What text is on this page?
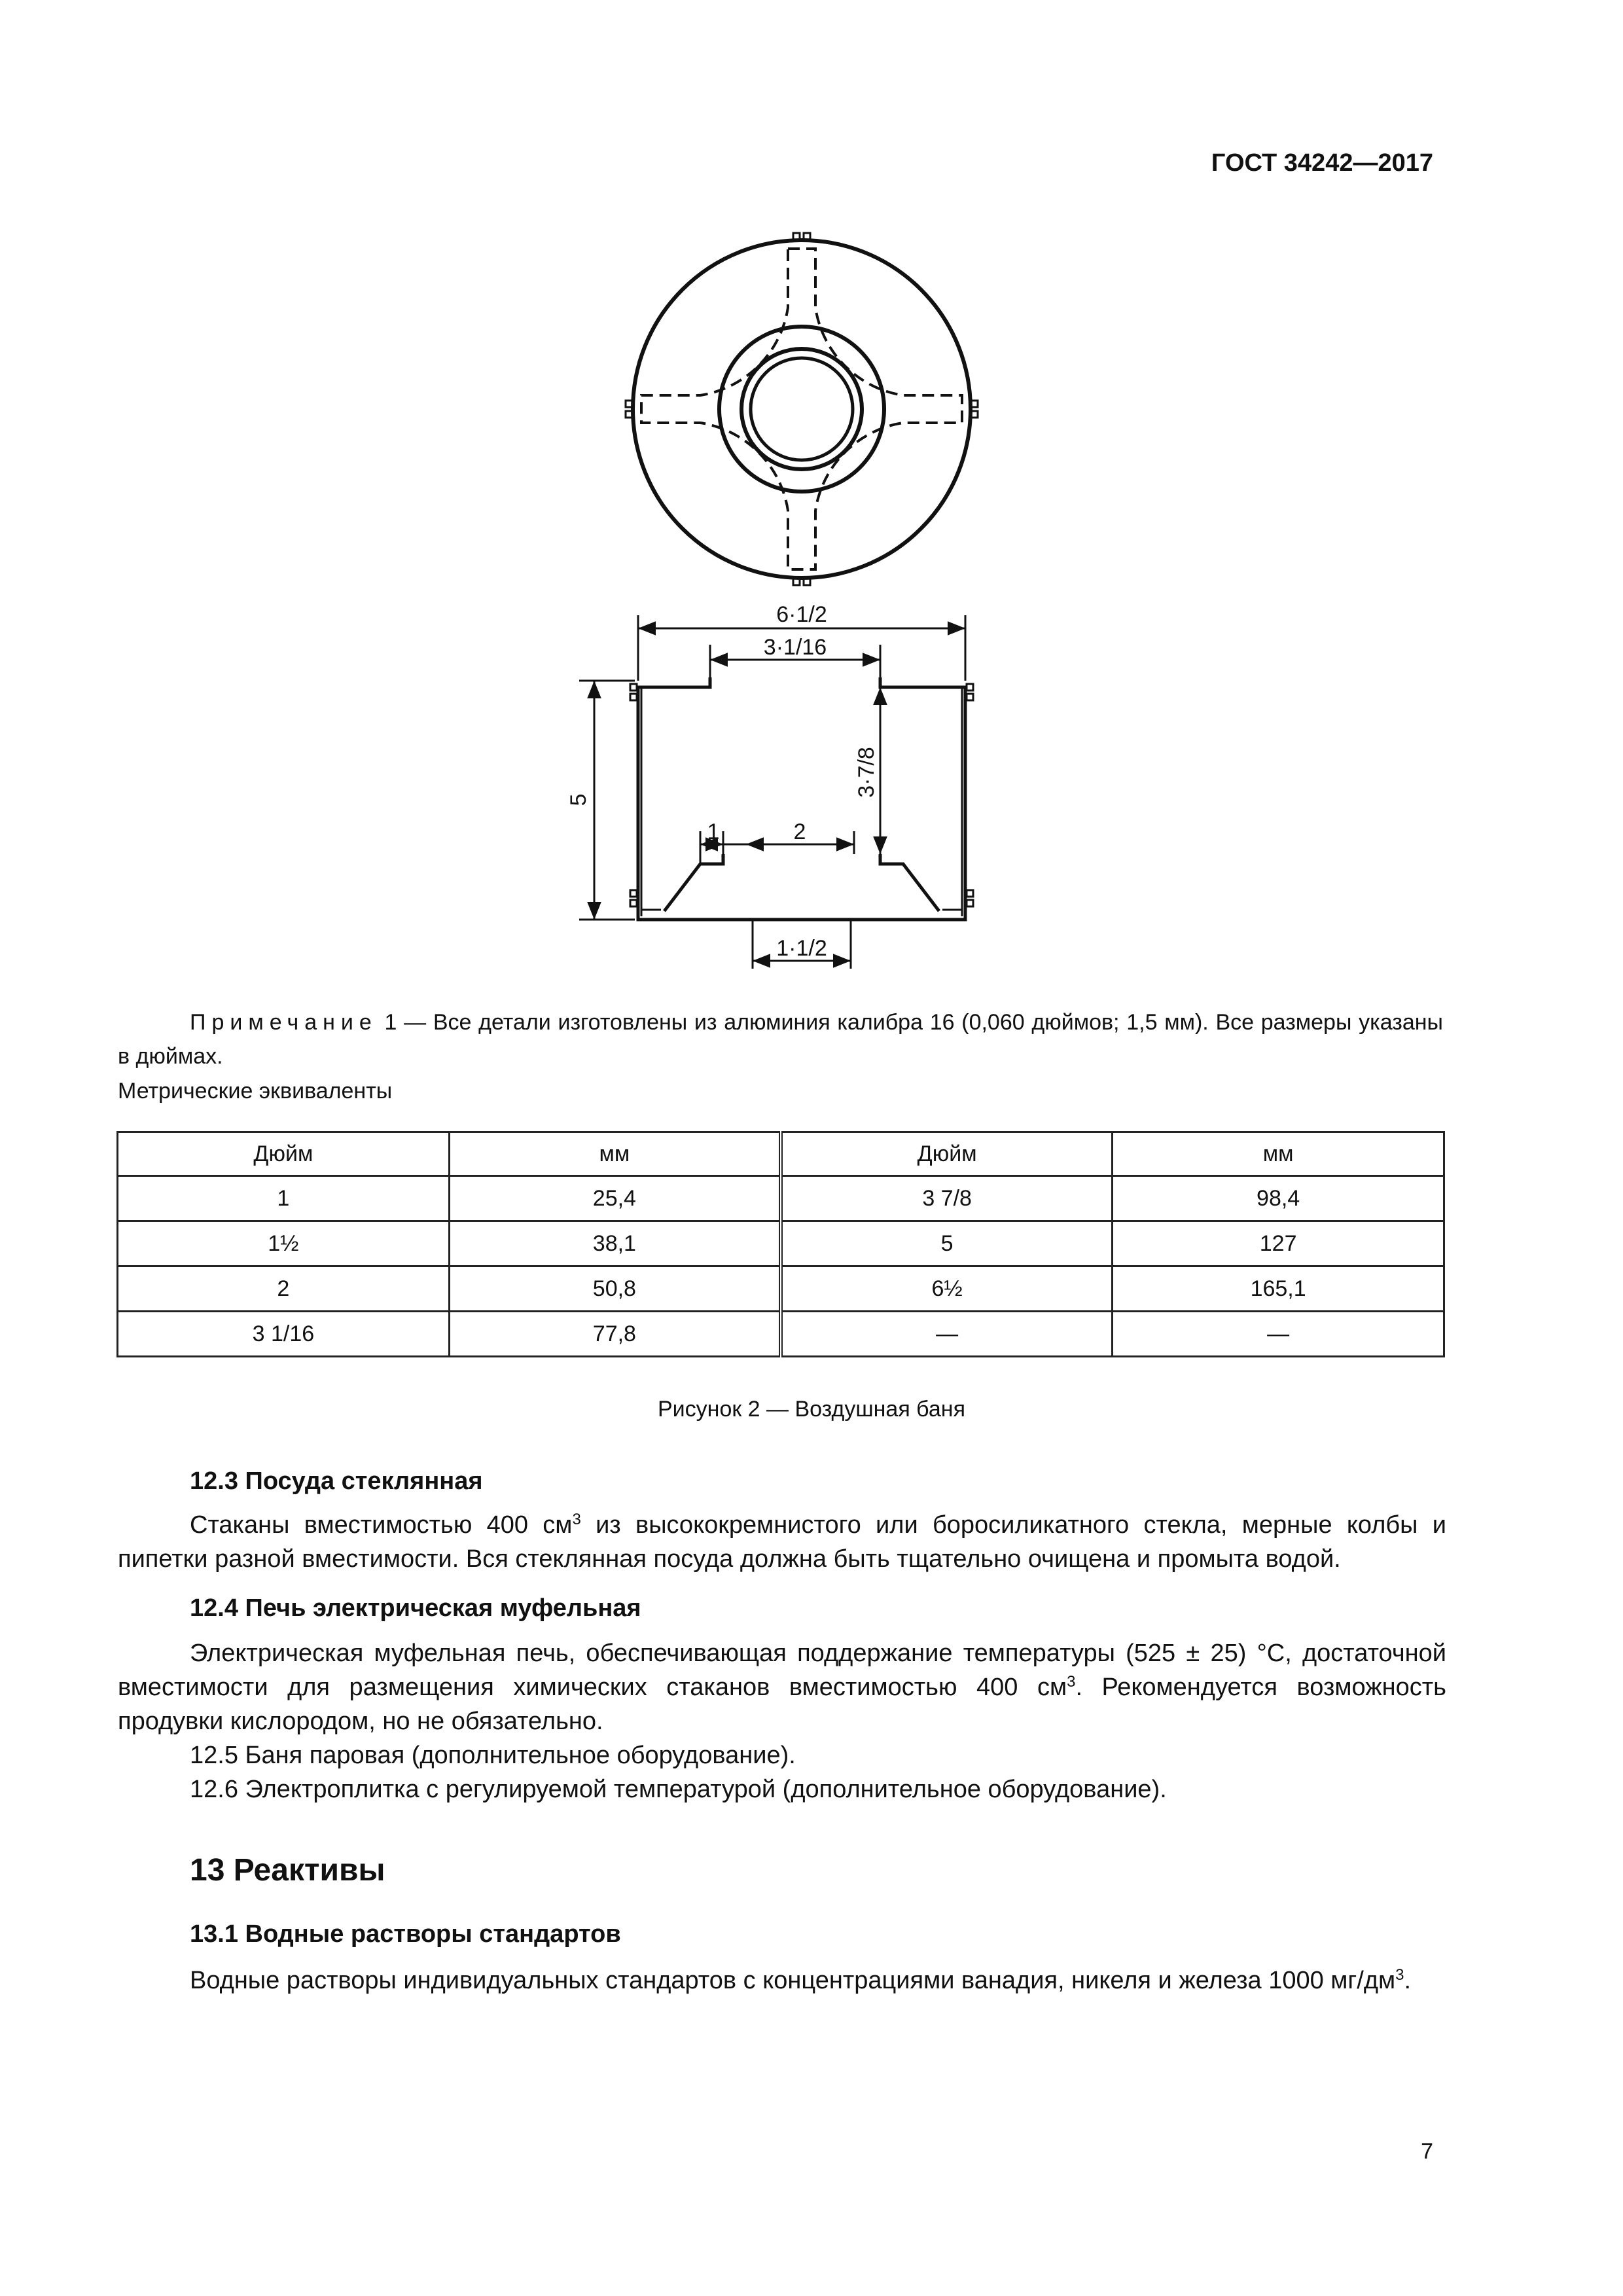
ГОСТ 34242—2017
6·1/2
3·1/16
5
3·7/8
1	2
1·1/2
Примечание 1 — Все детали изготовлены из алюминия калибра 16 (0,060 дюймов; 1,5 мм). Все размеры указаны в дюймах.
Метрические эквиваленты
Дюйм	мм	Дюйм	мм
1	25,4	3 7/8	98,4
1½	38,1	5	127
2	50,8	6½	165,1
3 1/16	77,8	—	—
Рисунок 2 — Воздушная баня
12.3 Посуда стеклянная
Стаканы вместимостью 400 $см^3$ из высококремнистого или боросиликатного стекла, мерные колбы и пипетки разной вместимости. Вся стеклянная посуда должна быть тщательно очищена и промыта водой.
12.4 Печь электрическая муфельная
Электрическая муфельная печь, обеспечивающая поддержание температуры (525 ± 25) °С, достаточной вместимости для размещения химических стаканов вместимостью 400 $см^3$. Рекомендуется возможность продувки кислородом, но не обязательно.
12.5 Баня паровая (дополнительное оборудование).
12.6 Электроплитка с регулируемой температурой (дополнительное оборудование).
13 Реактивы
13.1 Водные растворы стандартов
Водные растворы индивидуальных стандартов с концентрациями ванадия, никеля и железа 1000 $мг/дм^3$.
7
